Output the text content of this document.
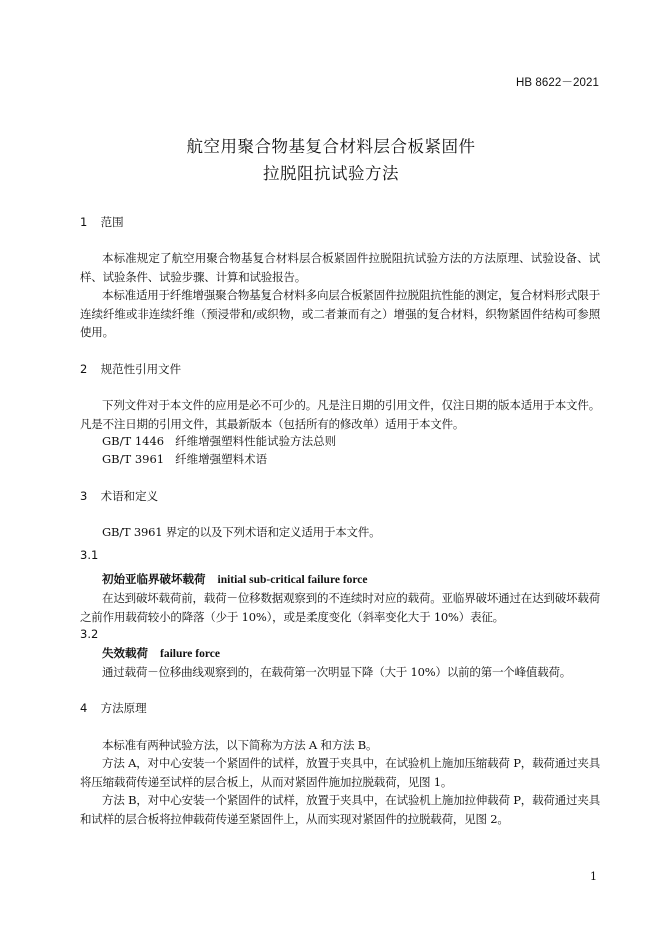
HB 8622－2021
航空用聚合物基复合材料层合板紧固件
拉脱阻抗试验方法
1 范围

本标准规定了航空用聚合物基复合材料层合板紧固件拉脱阻抗试验方法的方法原理、试验设备、试样、试验条件、试验步骤、计算和试验报告。

本标准适用于纤维增强聚合物基复合材料多向层合板紧固件拉脱阻抗性能的测定，复合材料形式限于连续纤维或非连续纤维（预浸带和/或织物，或二者兼而有之）增强的复合材料，织物紧固件结构可参照使用。

2 规范性引用文件

下列文件对于本文件的应用是必不可少的。凡是注日期的引用文件，仅注日期的版本适用于本文件。凡是不注日期的引用文件，其最新版本（包括所有的修改单）适用于本文件。

GB/T 1446   纤维增强塑料性能试验方法总则
GB/T 3961   纤维增强塑料术语
3 术语和定义

GB/T 3961 界定的以及下列术语和定义适用于本文件。

3.1
初始亚临界破坏载荷 initial sub-critical failure force

在达到破坏载荷前，载荷－位移数据观察到的不连续时对应的载荷。亚临界破坏通过在达到破坏载荷之前作用载荷较小的降落（少于 10%），或是柔度变化（斜率变化大于 10%）表征。

3.2
失效载荷 failure force

通过载荷－位移曲线观察到的，在载荷第一次明显下降（大于 10%）以前的第一个峰值载荷。

4 方法原理

本标准有两种试验方法，以下简称为方法 A 和方法 B。

方法 A，对中心安装一个紧固件的试样，放置于夹具中，在试验机上施加压缩载荷 P，载荷通过夹具将压缩载荷传递至试样的层合板上，从而对紧固件施加拉脱载荷，见图 1。

方法 B，对中心安装一个紧固件的试样，放置于夹具中，在试验机上施加拉伸载荷 P，载荷通过夹具和试样的层合板将拉伸载荷传递至紧固件上，从而实现对紧固件的拉脱载荷，见图 2。

1
